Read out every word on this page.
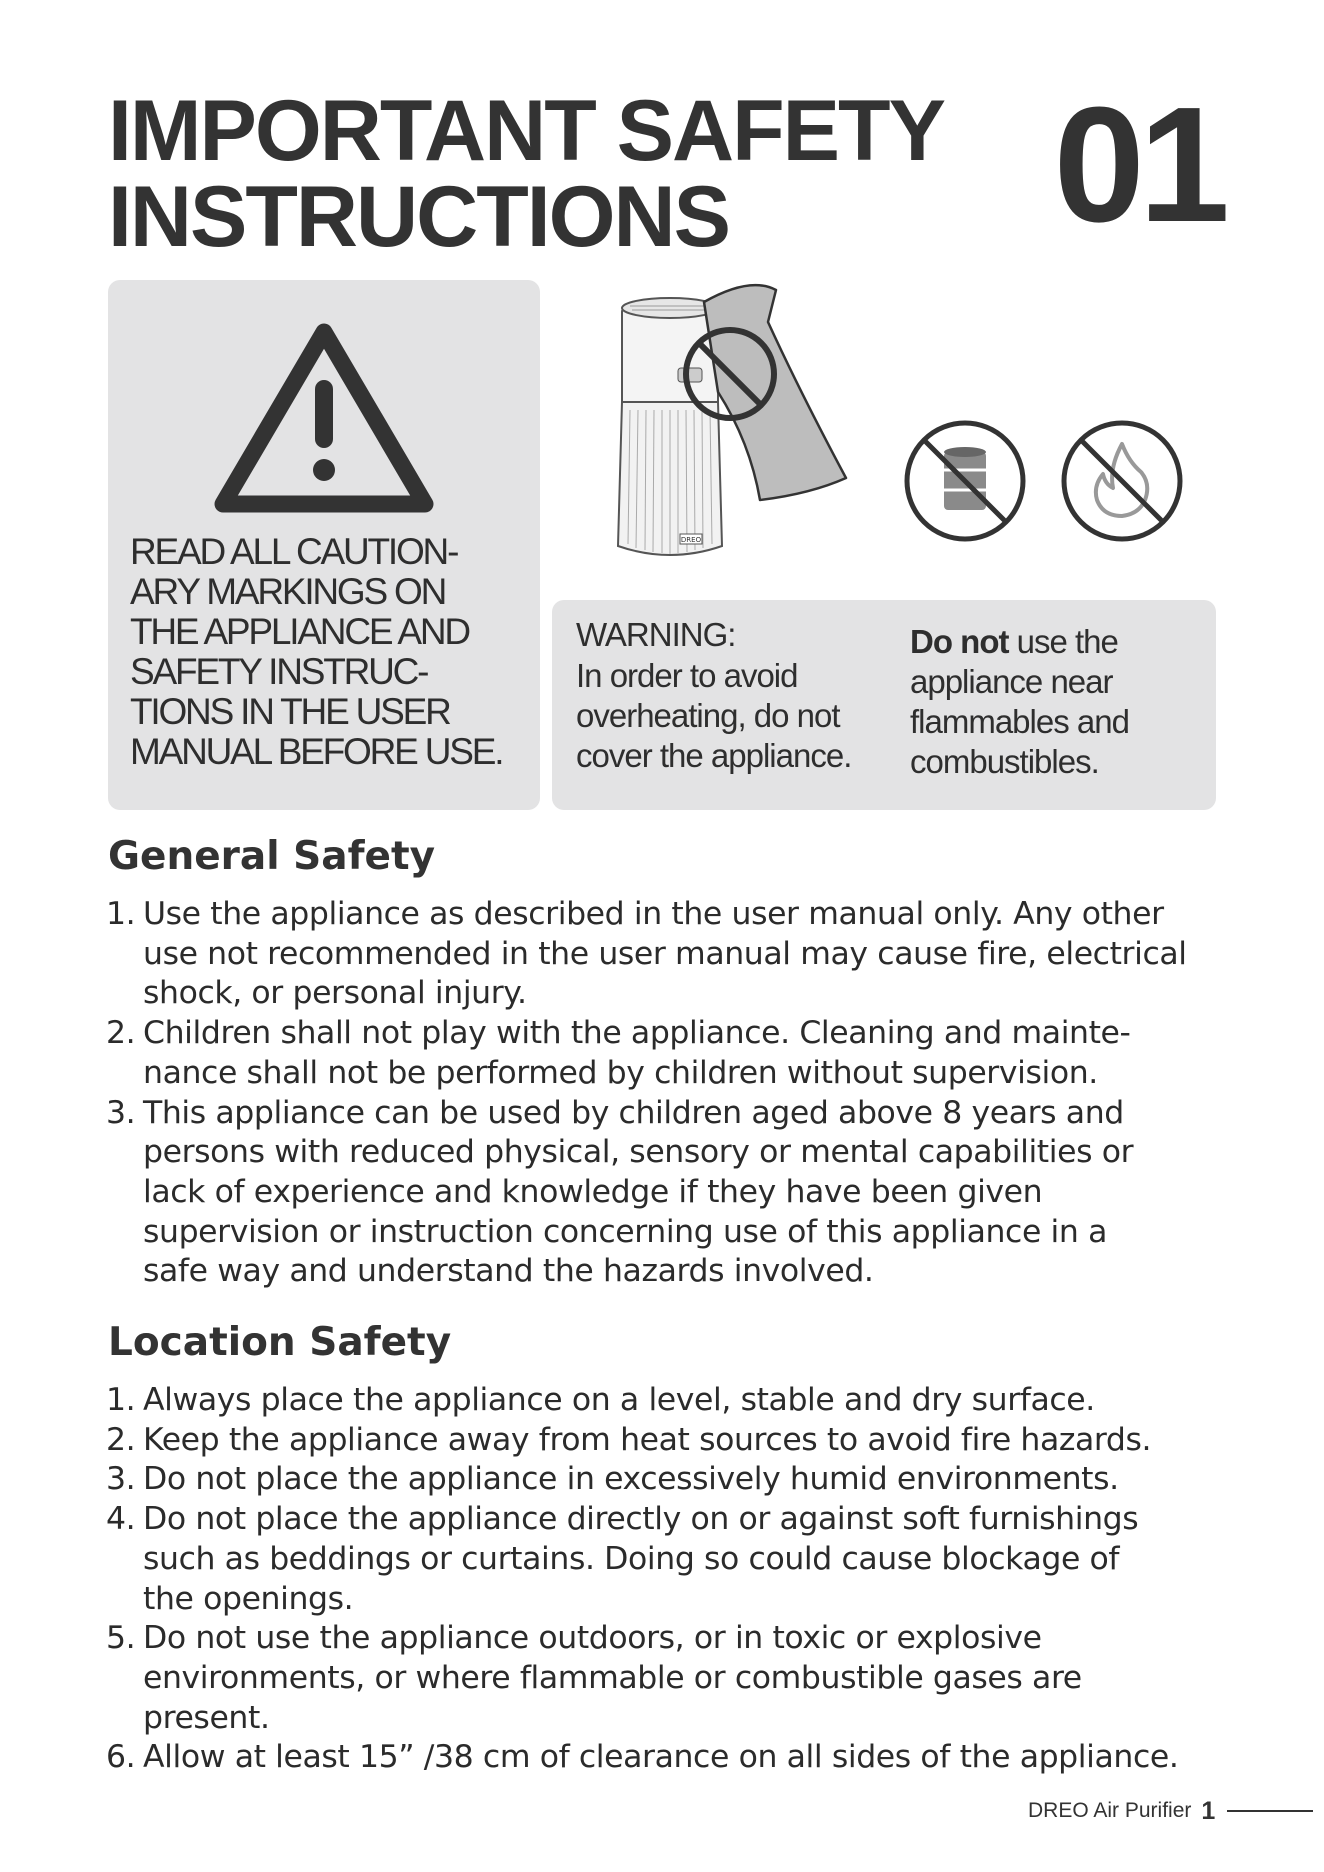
IMPORTANT SAFETY
INSTRUCTIONS	01
READ ALL CAUTION-
ARY MARKINGS ON
THE APPLIANCE AND
SAFETY INSTRUC-
TIONS IN THE USER
MANUAL BEFORE USE.
DREO
WARNING:
In order to avoid
overheating, do not
cover the appliance.
Do not use the
appliance near
flammables and
combustibles.
General Safety
1. Use the appliance as described in the user manual only. Any other
use not recommended in the user manual may cause fire, electrical
shock, or personal injury.
2. Children shall not play with the appliance. Cleaning and mainte-
nance shall not be performed by children without supervision.
3. This appliance can be used by children aged above 8 years and
persons with reduced physical, sensory or mental capabilities or
lack of experience and knowledge if they have been given
supervision or instruction concerning use of this appliance in a
safe way and understand the hazards involved.
Location Safety
1. Always place the appliance on a level, stable and dry surface.
2. Keep the appliance away from heat sources to avoid fire hazards.
3. Do not place the appliance in excessively humid environments.
4. Do not place the appliance directly on or against soft furnishings
such as beddings or curtains. Doing so could cause blockage of
the openings.
5. Do not use the appliance outdoors, or in toxic or explosive
environments, or where flammable or combustible gases are
present.
6. Allow at least 15” /38 cm of clearance on all sides of the appliance.
DREO Air Purifier 1
